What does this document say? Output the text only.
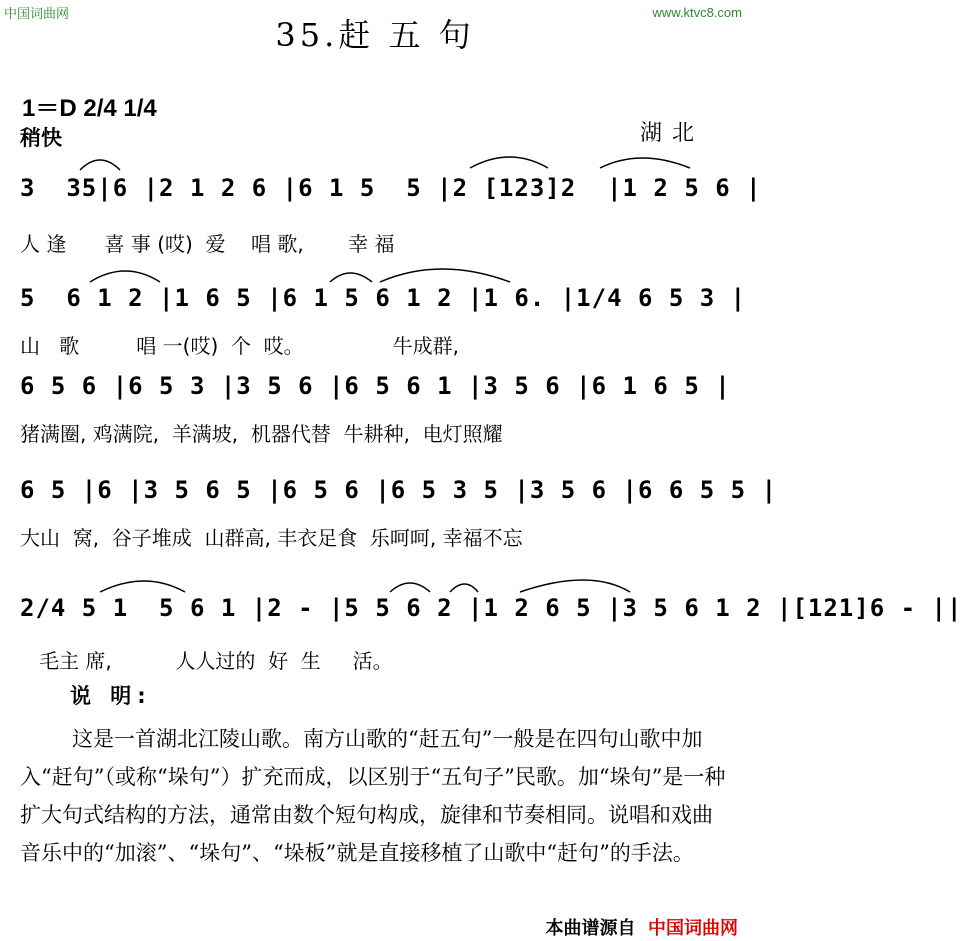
中国词曲网	www.ktvc8.com
35.赶 五 句
1＝D 2/4 1/4
稍快	湖北
3  35|6 |2 1 2 6 |6 1 5  5 |2 [123]2  |1 2 5 6 |
人 逢      喜 事 (哎)  爱    唱 歌,       幸 福
5  6 1 2 |1 6 5 |6 1 5 6 1 2 |1 6. |1/4 6 5 3 |
山   歌         唱 一(哎)  个  哎。              牛成群,
6 5 6 |6 5 3 |3 5 6 |6 5 6 1 |3 5 6 |6 1 6 5 |
猪满圈, 鸡满院,  羊满坡,  机器代替  牛耕种,  电灯照耀
6 5 |6 |3 5 6 5 |6 5 6 |6 5 3 5 |3 5 6 |6 6 5 5 |
大山  窝,  谷子堆成  山群高, 丰衣足食  乐呵呵, 幸福不忘
2/4 5 1  5 6 1 |2 - |5 5 6 2 |1 2 6 5 |3 5 6 1 2 |[121]6 - ||
毛主 席,          人人过的  好  生     活。
说 明:
这是一首湖北江陵山歌。南方山歌的“赶五句”一般是在四句山歌中加入“赶句”（或称“垛句”）扩充而成，以区别于“五句子”民歌。加“垛句”是一种扩大句式结构的方法，通常由数个短句构成，旋律和节奏相同。说唱和戏曲音乐中的“加滚”、“垛句”、“垛板”就是直接移植了山歌中“赶句”的手法。
本曲谱源自 中国词曲网
